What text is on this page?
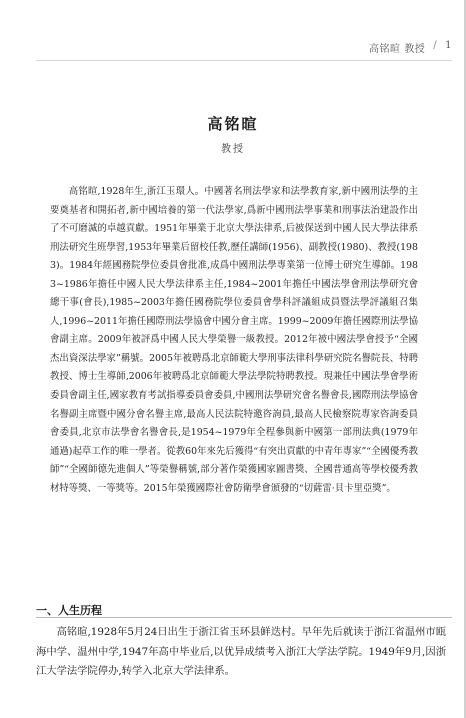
高铭暄 教授 / 1
高铭暄
教授
高铭暄,1928年生,浙江玉環人。中國著名刑法學家和法學教育家,新中國刑法學的主要奠基者和開拓者,新中國培養的第一代法學家,爲新中國刑法學事業和刑事法治建設作出了不可磨滅的卓越貢獻。1951年畢業于北京大學法律系,后被保送到中國人民大學法律系刑法研究生班學習,1953年畢業后留校任教,歷任講師(1956)、副教授(1980)、教授(1983)。1984年經國務院學位委員會批准,成爲中國刑法學專業第一位博士研究生導師。1983~1986年擔任中國人民大學法律系主任,1984~2001年擔任中國法學會刑法學研究會總干事(會長),1985~2003年擔任國務院學位委員會學科評議組成員暨法學評議組召集人,1996~2011年擔任國際刑法學協會中國分會主席。1999~2009年擔任國際刑法學協會副主席。2009年被評爲中國人民大學榮譽一級教授。2012年被中國法學會授予“全國杰出資深法學家”稱號。2005年被聘爲北京師範大學刑事法律科學研究院名譽院長、特聘教授、博士生導師,2006年被聘爲北京師範大學法學院特聘教授。現兼任中國法學會學術委員會副主任,國家教育考試指導委員會委員,中國刑法學研究會名譽會長,國際刑法學協會名譽副主席暨中國分會名譽主席,最高人民法院特邀咨詢員,最高人民檢察院專家咨詢委員會委員,北京市法學會名譽會長,是1954~1979年全程參與新中國第一部刑法典(1979年通過)起草工作的唯一學者。從教60年來先后獲得“有突出貢獻的中青年專家”“全國優秀教師”“全國師德先進個人”等榮譽稱號,部分著作榮獲國家圖書獎、全國普通高等學校優秀教材特等獎、一等獎等。2015年榮獲國際社會防衛學會頒發的“切薩雷·貝卡里亞獎”。
一、人生历程
高铭暄,1928年5月24日出生于浙江省玉环县鲜迭村。早年先后就读于浙江省温州市瓯海中学、温州中学,1947年高中毕业后,以优异成绩考入浙江大学法学院。1949年9月,因浙江大学法学院停办,转学入北京大学法律系。
